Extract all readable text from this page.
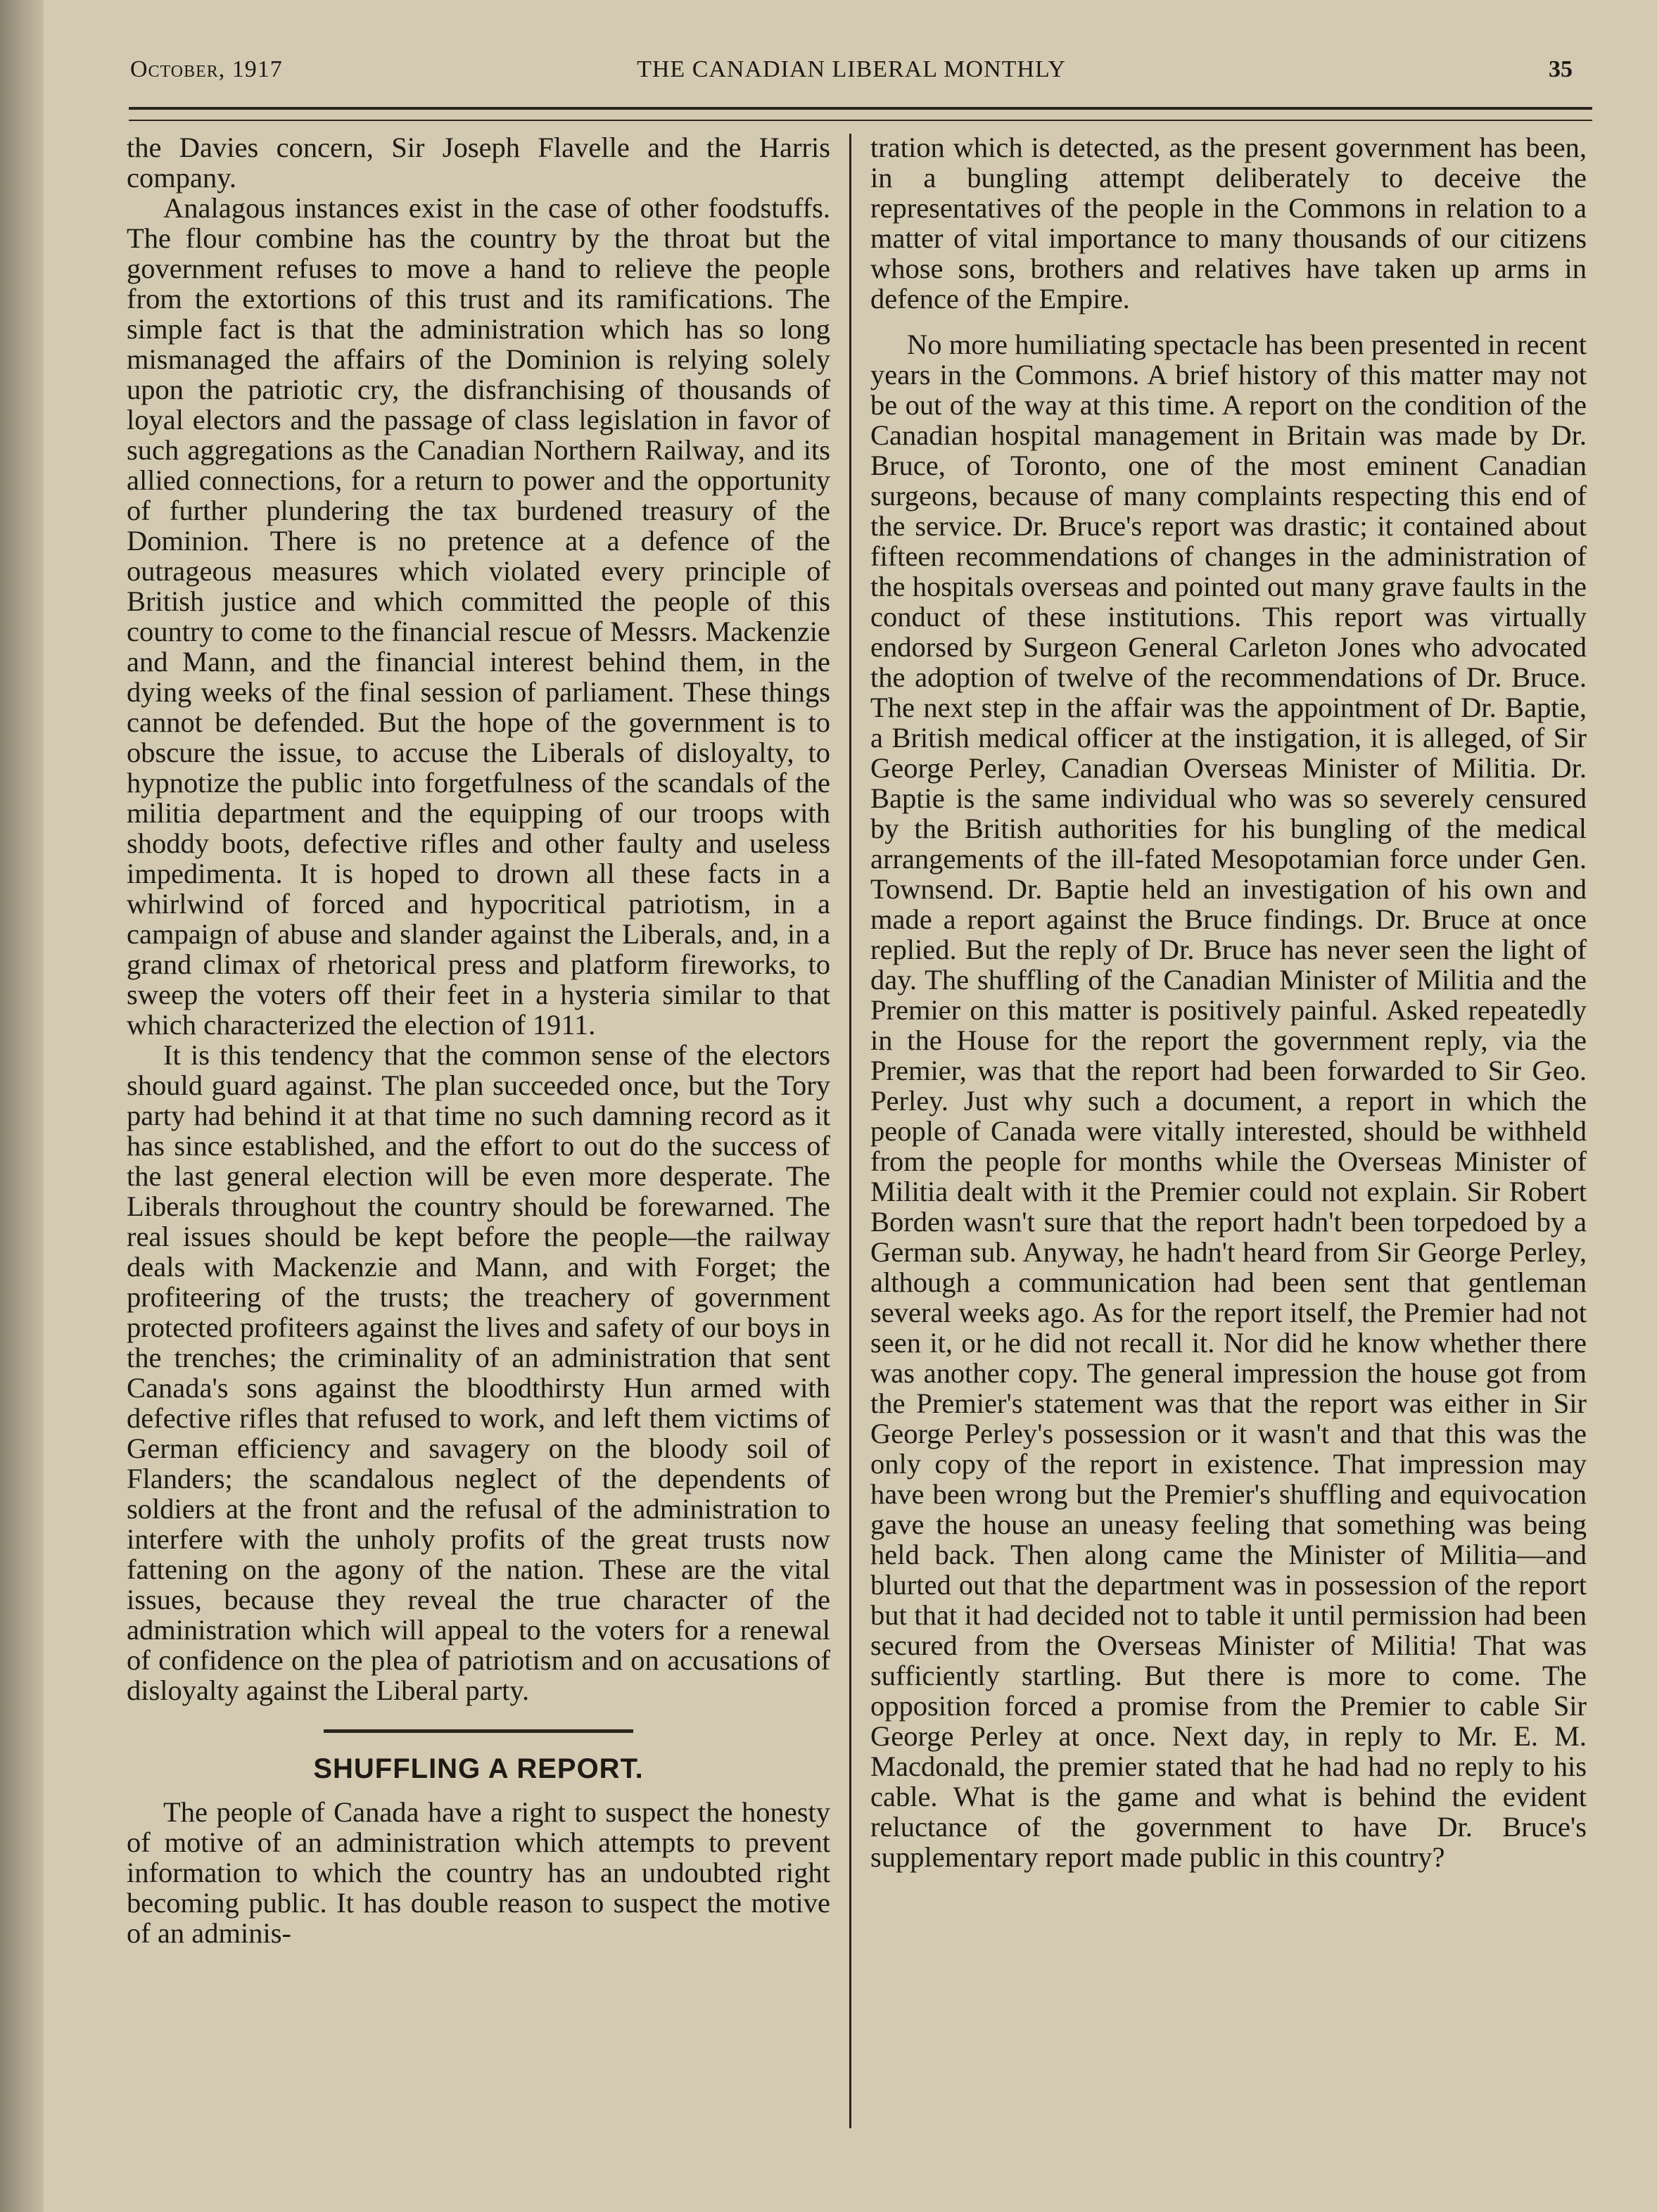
October, 1917	THE CANADIAN LIBERAL MONTHLY	35

the Davies concern, Sir Joseph Flavelle and the Harris company.

Analagous instances exist in the case of other foodstuffs. The flour combine has the country by the throat but the government refuses to move a hand to relieve the people from the extortions of this trust and its ramifications. The simple fact is that the administration which has so long mismanaged the affairs of the Dominion is relying solely upon the patriotic cry, the disfranchising of thousands of loyal electors and the passage of class legislation in favor of such aggregations as the Canadian Northern Railway, and its allied connections, for a return to power and the opportunity of further plundering the tax burdened treasury of the Dominion. There is no pretence at a defence of the outrageous measures which violated every principle of British justice and which committed the people of this country to come to the financial rescue of Messrs. Mackenzie and Mann, and the financial interest behind them, in the dying weeks of the final session of parliament. These things cannot be defended. But the hope of the government is to obscure the issue, to accuse the Liberals of disloyalty, to hypnotize the public into forgetfulness of the scandals of the militia department and the equipping of our troops with shoddy boots, defective rifles and other faulty and useless impedimenta. It is hoped to drown all these facts in a whirlwind of forced and hypocritical patriotism, in a campaign of abuse and slander against the Liberals, and, in a grand climax of rhetorical press and platform fireworks, to sweep the voters off their feet in a hysteria similar to that which characterized the election of 1911.

It is this tendency that the common sense of the electors should guard against. The plan succeeded once, but the Tory party had behind it at that time no such damning record as it has since established, and the effort to out do the success of the last general election will be even more desperate. The Liberals throughout the country should be forewarned. The real issues should be kept before the people—the railway deals with Mackenzie and Mann, and with Forget; the profiteering of the trusts; the treachery of government protected profiteers against the lives and safety of our boys in the trenches; the criminality of an administration that sent Canada's sons against the bloodthirsty Hun armed with defective rifles that refused to work, and left them victims of German efficiency and savagery on the bloody soil of Flanders; the scandalous neglect of the dependents of soldiers at the front and the refusal of the administration to interfere with the unholy profits of the great trusts now fattening on the agony of the nation. These are the vital issues, because they reveal the true character of the administration which will appeal to the voters for a renewal of confidence on the plea of patriotism and on accusations of disloyalty against the Liberal party.

SHUFFLING A REPORT.

The people of Canada have a right to suspect the honesty of motive of an administration which attempts to prevent information to which the country has an undoubted right becoming public. It has double reason to suspect the motive of an adminis-

tration which is detected, as the present government has been, in a bungling attempt deliberately to deceive the representatives of the people in the Commons in relation to a matter of vital importance to many thousands of our citizens whose sons, brothers and relatives have taken up arms in defence of the Empire.

No more humiliating spectacle has been presented in recent years in the Commons. A brief history of this matter may not be out of the way at this time. A report on the condition of the Canadian hospital management in Britain was made by Dr. Bruce, of Toronto, one of the most eminent Canadian surgeons, because of many complaints respecting this end of the service. Dr. Bruce's report was drastic; it contained about fifteen recommendations of changes in the administration of the hospitals overseas and pointed out many grave faults in the conduct of these institutions. This report was virtually endorsed by Surgeon General Carleton Jones who advocated the adoption of twelve of the recommendations of Dr. Bruce. The next step in the affair was the appointment of Dr. Baptie, a British medical officer at the instigation, it is alleged, of Sir George Perley, Canadian Overseas Minister of Militia. Dr. Baptie is the same individual who was so severely censured by the British authorities for his bungling of the medical arrangements of the ill-fated Mesopotamian force under Gen. Townsend. Dr. Baptie held an investigation of his own and made a report against the Bruce findings. Dr. Bruce at once replied. But the reply of Dr. Bruce has never seen the light of day. The shuffling of the Canadian Minister of Militia and the Premier on this matter is positively painful. Asked repeatedly in the House for the report the government reply, via the Premier, was that the report had been forwarded to Sir Geo. Perley. Just why such a document, a report in which the people of Canada were vitally interested, should be withheld from the people for months while the Overseas Minister of Militia dealt with it the Premier could not explain. Sir Robert Borden wasn't sure that the report hadn't been torpedoed by a German sub. Anyway, he hadn't heard from Sir George Perley, although a communication had been sent that gentleman several weeks ago. As for the report itself, the Premier had not seen it, or he did not recall it. Nor did he know whether there was another copy. The general impression the house got from the Premier's statement was that the report was either in Sir George Perley's possession or it wasn't and that this was the only copy of the report in existence. That impression may have been wrong but the Premier's shuffling and equivocation gave the house an uneasy feeling that something was being held back. Then along came the Minister of Militia—and blurted out that the department was in possession of the report but that it had decided not to table it until permission had been secured from the Overseas Minister of Militia! That was sufficiently startling. But there is more to come. The opposition forced a promise from the Premier to cable Sir George Perley at once. Next day, in reply to Mr. E. M. Macdonald, the premier stated that he had had no reply to his cable. What is the game and what is behind the evident reluctance of the government to have Dr. Bruce's supplementary report made public in this country?
